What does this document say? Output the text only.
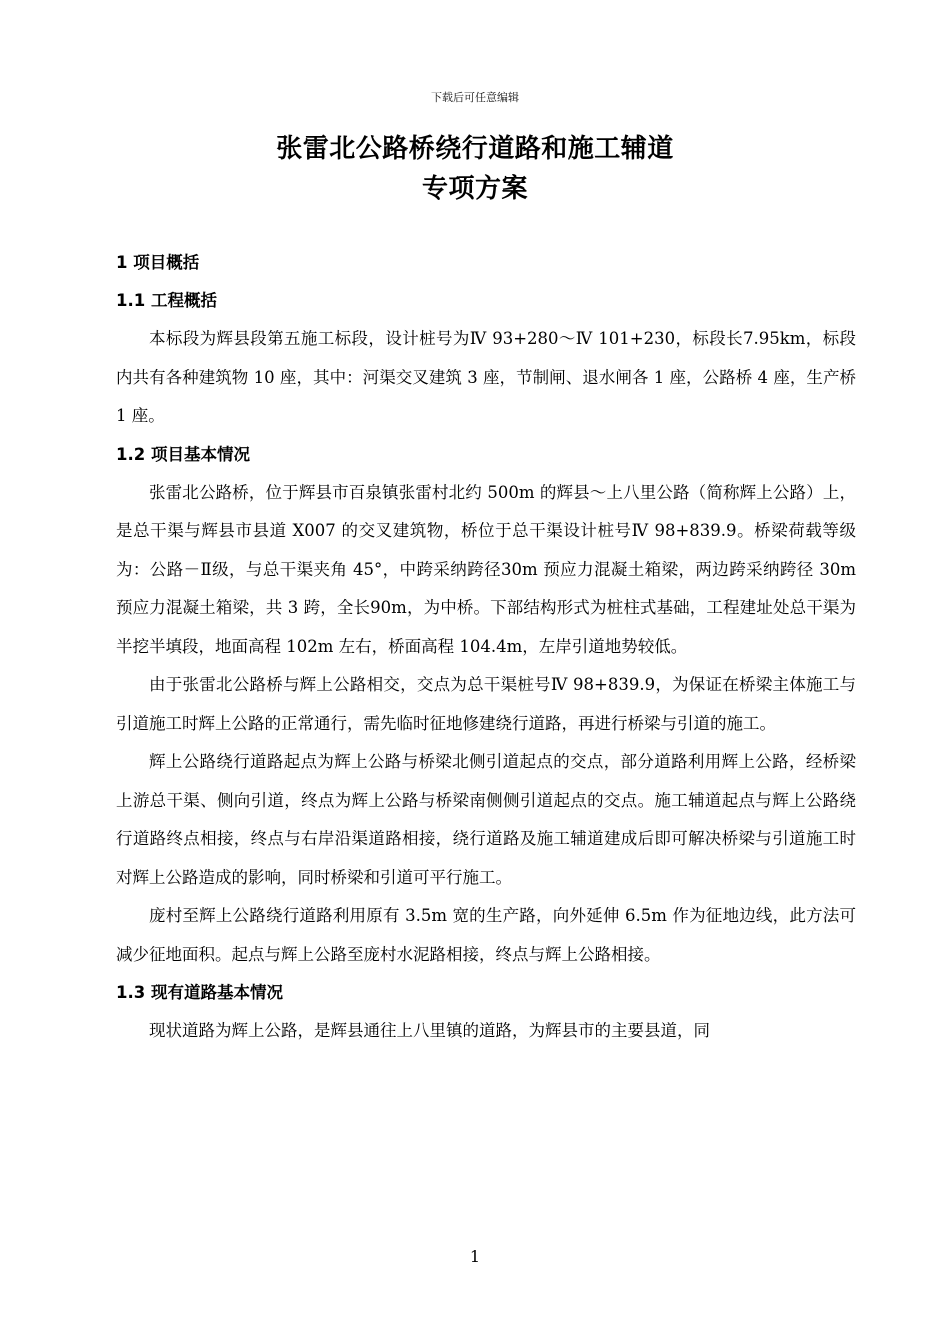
下载后可任意编辑
张雷北公路桥绕行道路和施工辅道
专项方案
1 项目概括
1.1 工程概括

本标段为辉县段第五施工标段，设计桩号为Ⅳ 93+280～Ⅳ 101+230，标段长7.95km，标段内共有各种建筑物 10 座，其中：河渠交叉建筑 3 座，节制闸、退水闸各 1 座，公路桥 4 座，生产桥 1 座。

1.2 项目基本情况

张雷北公路桥，位于辉县市百泉镇张雷村北约 500m 的辉县～上八里公路（简称辉上公路）上，是总干渠与辉县市县道 X007 的交叉建筑物，桥位于总干渠设计桩号Ⅳ 98+839.9。桥梁荷载等级为：公路－Ⅱ级，与总干渠夹角 45°，中跨采纳跨径30m 预应力混凝土箱梁，两边跨采纳跨径 30m 预应力混凝土箱梁，共 3 跨，全长90m，为中桥。下部结构形式为桩柱式基础，工程建址处总干渠为半挖半填段，地面高程 102m 左右，桥面高程 104.4m，左岸引道地势较低。

由于张雷北公路桥与辉上公路相交，交点为总干渠桩号Ⅳ 98+839.9，为保证在桥梁主体施工与引道施工时辉上公路的正常通行，需先临时征地修建绕行道路，再进行桥梁与引道的施工。

辉上公路绕行道路起点为辉上公路与桥梁北侧引道起点的交点，部分道路利用辉上公路，经桥梁上游总干渠、侧向引道，终点为辉上公路与桥梁南侧侧引道起点的交点。施工辅道起点与辉上公路绕行道路终点相接，终点与右岸沿渠道路相接，绕行道路及施工辅道建成后即可解决桥梁与引道施工时对辉上公路造成的影响，同时桥梁和引道可平行施工。

庞村至辉上公路绕行道路利用原有 3.5m 宽的生产路，向外延伸 6.5m 作为征地边线，此方法可减少征地面积。起点与辉上公路至庞村水泥路相接，终点与辉上公路相接。

1.3 现有道路基本情况

现状道路为辉上公路，是辉县通往上八里镇的道路，为辉县市的主要县道，同

1
